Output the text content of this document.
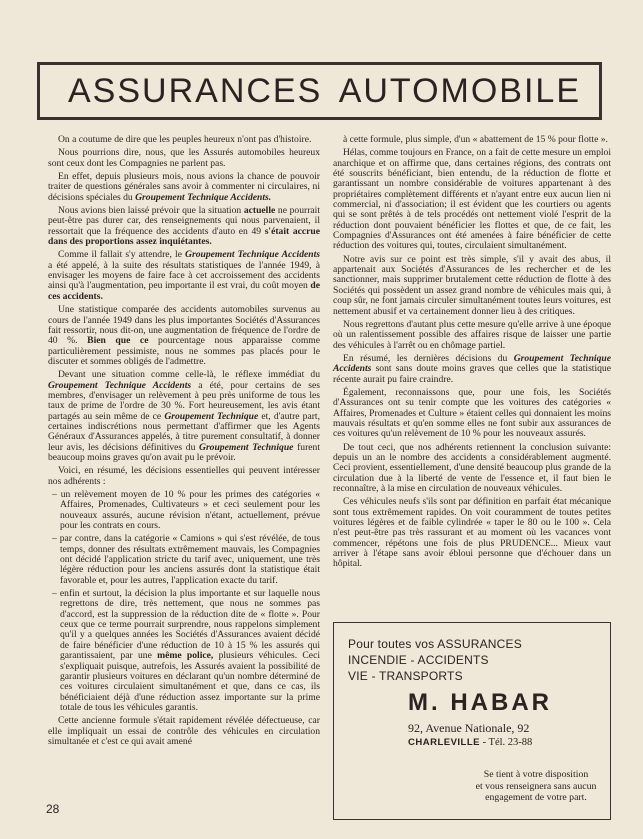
ASSURANCES AUTOMOBILE

On a coutume de dire que les peuples heureux n'ont pas d'histoire.

Nous pourrions dire, nous, que les Assurés automobiles heureux sont ceux dont les Compagnies ne parlent pas.

En effet, depuis plusieurs mois, nous avions la chance de pouvoir traiter de questions générales sans avoir à commenter ni circulaires, ni décisions spéciales du Groupement Technique Accidents.

Nous avions bien laissé prévoir que la situation actuelle ne pourrait peut-être pas durer car, des renseignements qui nous parvenaient, il ressortait que la fréquence des accidents d'auto en 49 s'était accrue dans des proportions assez inquiétantes.

Comme il fallait s'y attendre, le Groupement Technique Accidents a été appelé, à la suite des résultats statistiques de l'année 1949, à envisager les moyens de faire face à cet accroissement des accidents ainsi qu'à l'augmentation, peu importante il est vrai, du coût moyen de ces accidents.

Une statistique comparée des accidents automobiles survenus au cours de l'année 1949 dans les plus importantes Sociétés d'Assurances fait ressortir, nous dit-on, une augmentation de fréquence de l'ordre de 40 %. Bien que ce pourcentage nous apparaisse comme particulièrement pessimiste, nous ne sommes pas placés pour le discuter et sommes obligés de l'admettre.

Devant une situation comme celle-là, le réflexe immédiat du Groupement Technique Accidents a été, pour certains de ses membres, d'envisager un relèvement à peu près uniforme de tous les taux de prime de l'ordre de 30 %. Fort heureusement, les avis étant partagés au sein même de ce Groupement Technique et, d'autre part, certaines indiscrétions nous permettant d'affirmer que les Agents Généraux d'Assurances appelés, à titre purement consultatif, à donner leur avis, les décisions définitives du Groupement Technique furent beaucoup moins graves qu'on avait pu le prévoir.

Voici, en résumé, les décisions essentielles qui peuvent intéresser nos adhérents :

– un relèvement moyen de 10 % pour les primes des catégories « Affaires, Promenades, Cultivateurs » et ceci seulement pour les nouveaux assurés, aucune révision n'étant, actuellement, prévue pour les contrats en cours.
– par contre, dans la catégorie « Camions » qui s'est révélée, de tous temps, donner des résultats extrêmement mauvais, les Compagnies ont décidé l'application stricte du tarif avec, uniquement, une très légère réduction pour les anciens assurés dont la statistique était favorable et, pour les autres, l'application exacte du tarif.
– enfin et surtout, la décision la plus importante et sur laquelle nous regrettons de dire, très nettement, que nous ne sommes pas d'accord, est la suppression de la réduction dite de « flotte ». Pour ceux que ce terme pourrait surprendre, nous rappelons simplement qu'il y a quelques années les Sociétés d'Assurances avaient décidé de faire bénéficier d'une réduction de 10 à 15 % les assurés qui garantissaient, par une même police, plusieurs véhicules. Ceci s'expliquait puisque, autrefois, les Assurés avaient la possibilité de garantir plusieurs voitures en déclarant qu'un nombre déterminé de ces voitures circulaient simultanément et que, dans ce cas, ils bénéficiaient déjà d'une réduction assez importante sur la prime totale de tous les véhicules garantis.

Cette ancienne formule s'était rapidement révélée défectueuse, car elle impliquait un essai de contrôle des véhicules en circulation simultanée et c'est ce qui avait amené

à cette formule, plus simple, d'un « abattement de 15 % pour flotte ».

Hélas, comme toujours en France, on a fait de cette mesure un emploi anarchique et on affirme que, dans certaines régions, des contrats ont été souscrits bénéficiant, bien entendu, de la réduction de flotte et garantissant un nombre considérable de voitures appartenant à des propriétaires complètement différents et n'ayant entre eux aucun lien ni commercial, ni d'association; il est évident que les courtiers ou agents qui se sont prêtés à de tels procédés ont nettement violé l'esprit de la réduction dont pouvaient bénéficier les flottes et que, de ce fait, les Compagnies d'Assurances ont été amenées à faire bénéficier de cette réduction des voitures qui, toutes, circulaient simultanément.

Notre avis sur ce point est très simple, s'il y avait des abus, il appartenait aux Sociétés d'Assurances de les rechercher et de les sanctionner, mais supprimer brutalement cette réduction de flotte à des Sociétés qui possèdent un assez grand nombre de véhicules mais qui, à coup sûr, ne font jamais circuler simultanément toutes leurs voitures, est nettement abusif et va certainement donner lieu à des critiques.

Nous regrettons d'autant plus cette mesure qu'elle arrive à une époque où un ralentissement possible des affaires risque de laisser une partie des véhicules à l'arrêt ou en chômage partiel.

En résumé, les dernières décisions du Groupement Technique Accidents sont sans doute moins graves que celles que la statistique récente aurait pu faire craindre.

Également, reconnaissons que, pour une fois, les Sociétés d'Assurances ont su tenir compte que les voitures des catégories « Affaires, Promenades et Culture » étaient celles qui donnaient les moins mauvais résultats et qu'en somme elles ne font subir aux assurances de ces voitures qu'un relèvement de 10 % pour les nouveaux assurés.

De tout ceci, que nos adhérents retiennent la conclusion suivante: depuis un an le nombre des accidents a considérablement augmenté. Ceci provient, essentiellement, d'une densité beaucoup plus grande de la circulation due à la liberté de vente de l'essence et, il faut bien le reconnaître, à la mise en circulation de nouveaux véhicules.

Ces véhicules neufs s'ils sont par définition en parfait état mécanique sont tous extrêmement rapides. On voit couramment de toutes petites voitures légères et de faible cylindrée « taper le 80 ou le 100 ». Cela n'est peut-être pas très rassurant et au moment où les vacances vont commencer, répétons une fois de plus PRUDENCE... Mieux vaut arriver à l'étape sans avoir ébloui personne que d'échouer dans un hôpital.

Pour toutes vos ASSURANCES
INCENDIE - ACCIDENTS
VIE - TRANSPORTS
M. HABAR
92, Avenue Nationale, 92
CHARLEVILLE - Tél. 23-88
Se tient à votre disposition
et vous renseignera sans aucun
engagement de votre part.
28
